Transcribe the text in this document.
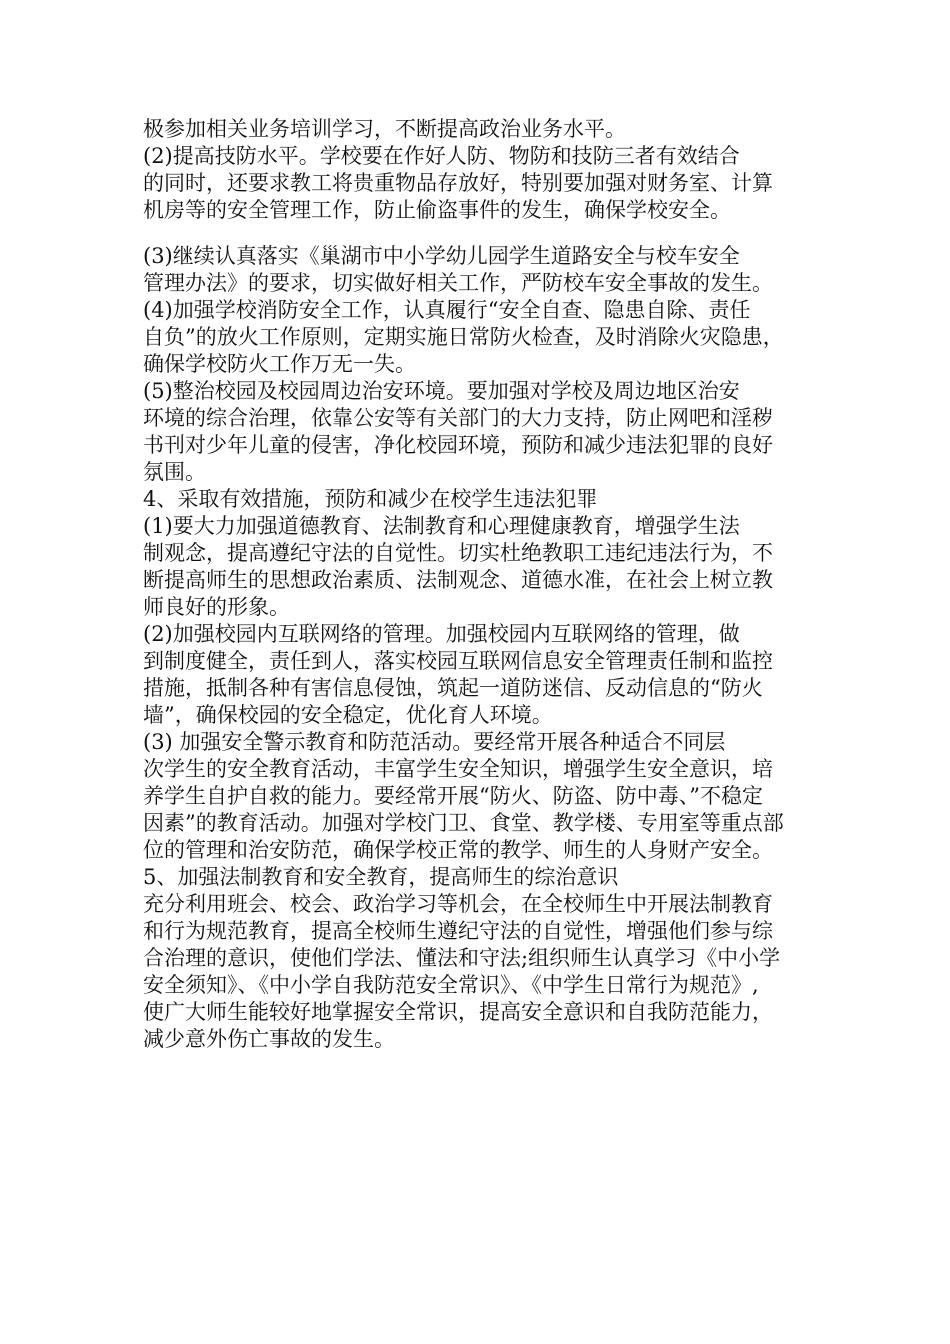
极参加相关业务培训学习，不断提高政治业务水平。
(2)提高技防水平。学校要在作好人防、物防和技防三者有效结合
的同时，还要求教工将贵重物品存放好，特别要加强对财务室、计算
机房等的安全管理工作，防止偷盗事件的发生，确保学校安全。
(3)继续认真落实《巢湖市中小学幼儿园学生道路安全与校车安全
管理办法》的要求，切实做好相关工作，严防校车安全事故的发生。
(4)加强学校消防安全工作，认真履行“安全自查、隐患自除、责任
自负”的放火工作原则，定期实施日常防火检查，及时消除火灾隐患，
确保学校防火工作万无一失。
(5)整治校园及校园周边治安环境。要加强对学校及周边地区治安
环境的综合治理，依靠公安等有关部门的大力支持，防止网吧和淫秽
书刊对少年儿童的侵害，净化校园环境，预防和减少违法犯罪的良好
氛围。
4、采取有效措施，预防和减少在校学生违法犯罪
(1)要大力加强道德教育、法制教育和心理健康教育，增强学生法
制观念，提高遵纪守法的自觉性。切实杜绝教职工违纪违法行为，不
断提高师生的思想政治素质、法制观念、道德水准，在社会上树立教
师良好的形象。
(2)加强校园内互联网络的管理。加强校园内互联网络的管理，做
到制度健全，责任到人，落实校园互联网信息安全管理责任制和监控
措施，抵制各种有害信息侵蚀，筑起一道防迷信、反动信息的“防火
墙”，确保校园的安全稳定，优化育人环境。
(3) 加强安全警示教育和防范活动。要经常开展各种适合不同层
次学生的安全教育活动，丰富学生安全知识，增强学生安全意识，培
养学生自护自救的能力。要经常开展“防火、防盗、防中毒、”不稳定
因素”的教育活动。加强对学校门卫、食堂、教学楼、专用室等重点部
位的管理和治安防范，确保学校正常的教学、师生的人身财产安全。
5、加强法制教育和安全教育，提高师生的综治意识
充分利用班会、校会、政治学习等机会，在全校师生中开展法制教育
和行为规范教育，提高全校师生遵纪守法的自觉性，增强他们参与综
合治理的意识，使他们学法、懂法和守法;组织师生认真学习《中小学
安全须知》、《中小学自我防范安全常识》、《中学生日常行为规范》,
使广大师生能较好地掌握安全常识，提高安全意识和自我防范能力，
减少意外伤亡事故的发生。
